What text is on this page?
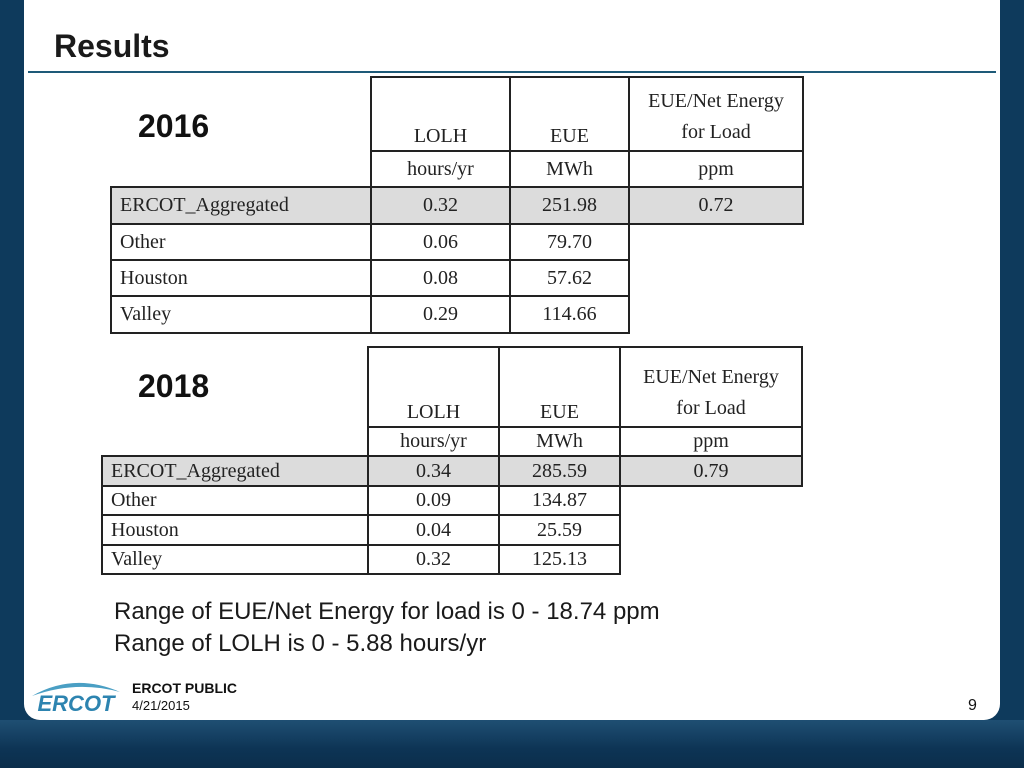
Results
2016
		LOLH	EUE	EUE/Net Energy
for Load

	hours/yr	MWh	ppm
ERCOT_Aggregated	0.32	251.98	0.72
Other	0.06	79.70	
Houston	0.08	57.62	
Valley	0.29	114.66	
2018
	LOLH	EUE	EUE/Net Energy
for Load

	hours/yr	MWh	ppm
ERCOT_Aggregated	0.34	285.59	0.79
Other	0.09	134.87	
Houston	0.04	25.59	
Valley	0.32	125.13	
Range of EUE/Net Energy for load is 0 - 18.74 ppm
Range of LOLH is 0 - 5.88 hours/yr
ERCOT
ERCOT PUBLIC
4/21/2015	9
